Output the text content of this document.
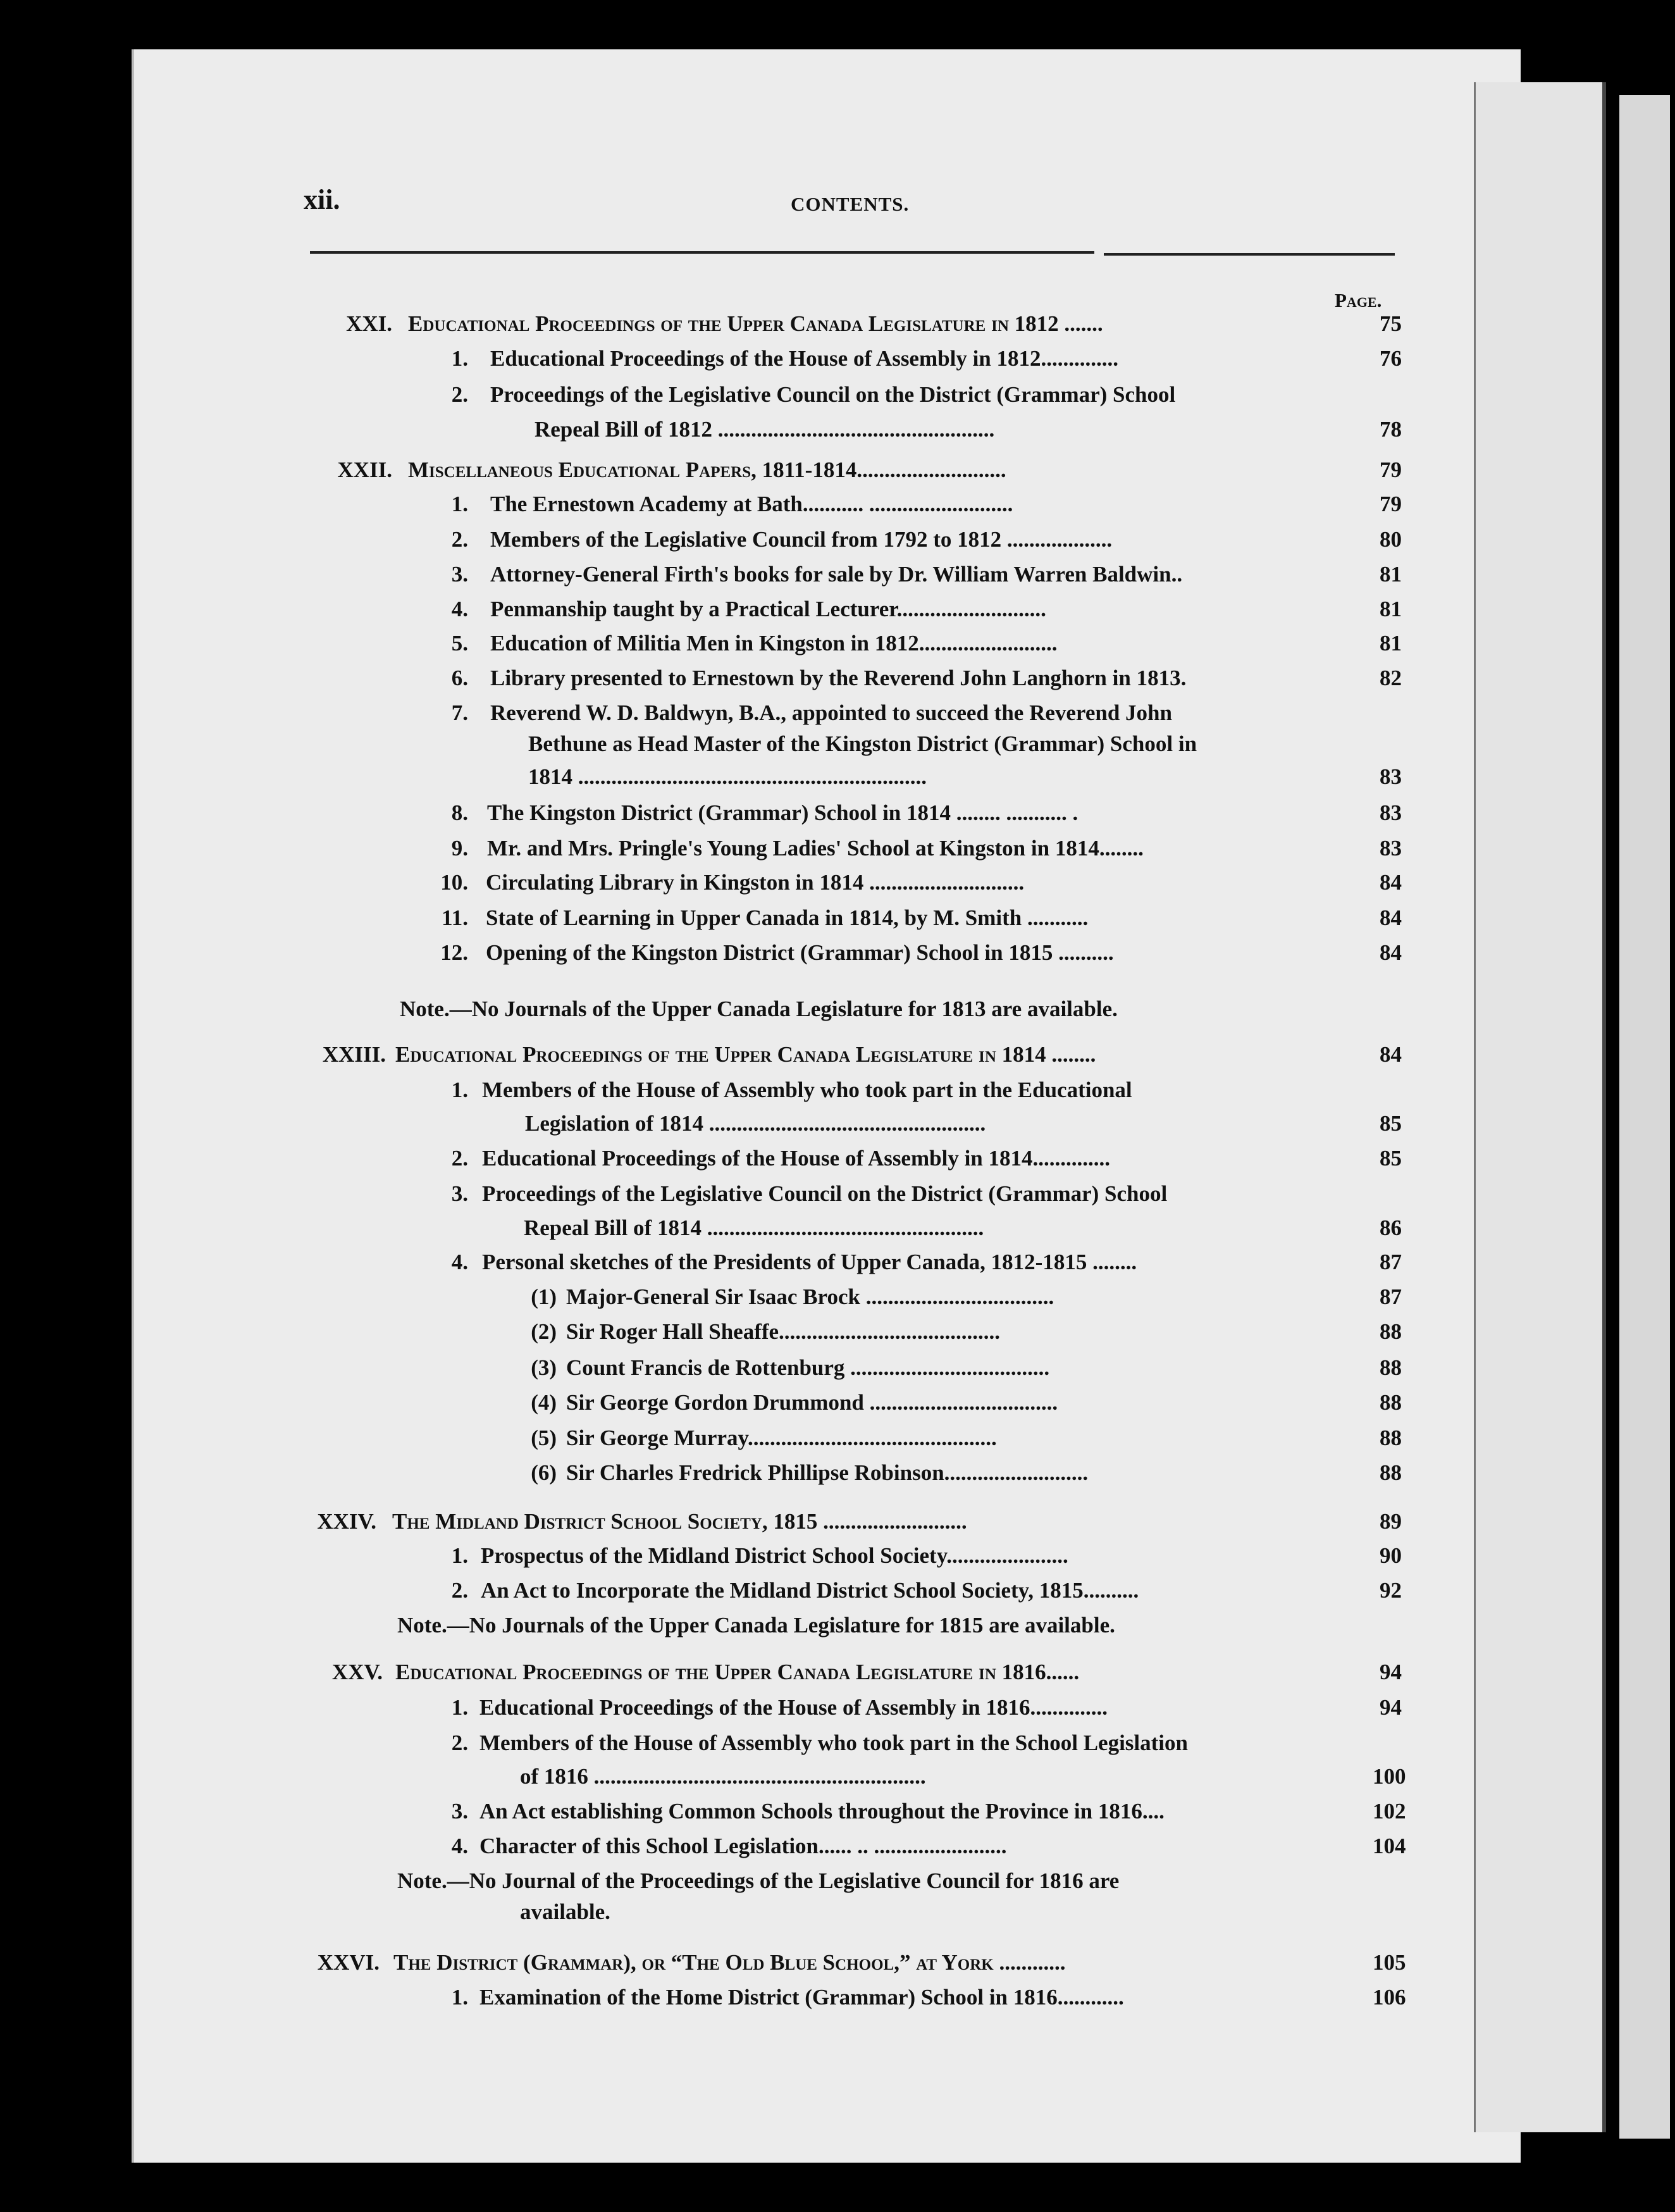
xii.	CONTENTS.
Page.
XXI. Educational Proceedings of the Upper Canada Legislature in 1812 .......	75
1. Educational Proceedings of the House of Assembly in 1812..............	76
2. Proceedings of the Legislative Council on the District (Grammar) School
Repeal Bill of 1812 ..................................................	78
XXII. Miscellaneous Educational Papers, 1811-1814...........................	79
1. The Ernestown Academy at Bath........... ..........................	79
2. Members of the Legislative Council from 1792 to 1812 ...................	80
3. Attorney-General Firth's books for sale by Dr. William Warren Baldwin..	81
4. Penmanship taught by a Practical Lecturer...........................	81
5. Education of Militia Men in Kingston in 1812.........................	81
6. Library presented to Ernestown by the Reverend John Langhorn in 1813.	82
7. Reverend W. D. Baldwyn, B.A., appointed to succeed the Reverend John
Bethune as Head Master of the Kingston District (Grammar) School in
1814 ...............................................................	83
8. The Kingston District (Grammar) School in 1814 ........ ........... .	83
9. Mr. and Mrs. Pringle's Young Ladies' School at Kingston in 1814........	83
10. Circulating Library in Kingston in 1814 ............................	84
11. State of Learning in Upper Canada in 1814, by M. Smith ...........	84
12. Opening of the Kingston District (Grammar) School in 1815 ..........	84
Note.—No Journals of the Upper Canada Legislature for 1813 are available.
XXIII. Educational Proceedings of the Upper Canada Legislature in 1814 ........	84
1. Members of the House of Assembly who took part in the Educational
Legislation of 1814 ..................................................	85
2. Educational Proceedings of the House of Assembly in 1814..............	85
3. Proceedings of the Legislative Council on the District (Grammar) School
Repeal Bill of 1814 ..................................................	86
4. Personal sketches of the Presidents of Upper Canada, 1812-1815 ........	87
(1) Major-General Sir Isaac Brock ..................................	87
(2) Sir Roger Hall Sheaffe........................................	88
(3) Count Francis de Rottenburg ....................................	88
(4) Sir George Gordon Drummond ..................................	88
(5) Sir George Murray.............................................	88
(6) Sir Charles Fredrick Phillipse Robinson..........................	88
XXIV. The Midland District School Society, 1815 ..........................	89
1. Prospectus of the Midland District School Society......................	90
2. An Act to Incorporate the Midland District School Society, 1815..........	92
Note.—No Journals of the Upper Canada Legislature for 1815 are available.
XXV. Educational Proceedings of the Upper Canada Legislature in 1816......	94
1. Educational Proceedings of the House of Assembly in 1816..............	94
2. Members of the House of Assembly who took part in the School Legislation
of 1816 ............................................................	100
3. An Act establishing Common Schools throughout the Province in 1816....	102
4. Character of this School Legislation...... .. ........................	104
Note.—No Journal of the Proceedings of the Legislative Council for 1816 are
available.
XXVI. The District (Grammar), or “The Old Blue School,” at York ............	105
1. Examination of the Home District (Grammar) School in 1816............	106
